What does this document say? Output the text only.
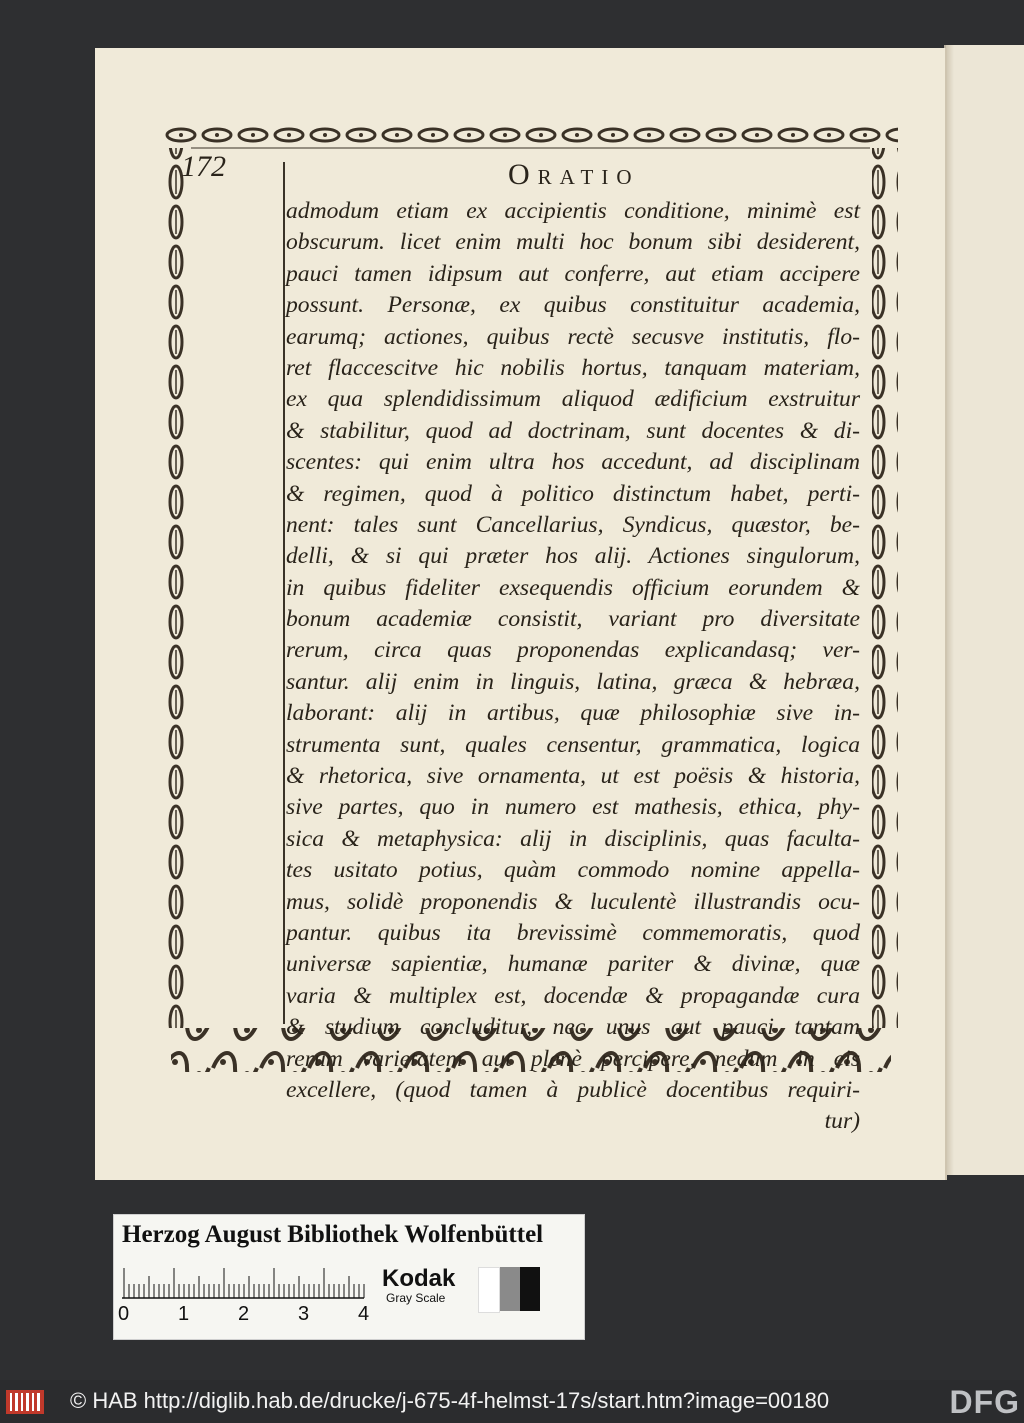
172	Oratio
admodum etiam ex accipientis conditione, minimè est
obscurum. licet enim multi hoc bonum sibi desiderent,
pauci tamen idipsum aut conferre, aut etiam accipere
possunt. Personæ, ex quibus constituitur academia,
earumq; actiones, quibus rectè secusve institutis, flo-
ret flaccescitve hic nobilis hortus, tanquam materiam,
ex qua splendidissimum aliquod ædificium exstruitur
& stabilitur, quod ad doctrinam, sunt docentes & di-
scentes: qui enim ultra hos accedunt, ad disciplinam
& regimen, quod à politico distinctum habet, perti-
nent: tales sunt Cancellarius, Syndicus, quæstor, be-
delli, & si qui præter hos alij. Actiones singulorum,
in quibus fideliter exsequendis officium eorundem &
bonum academiæ consistit, variant pro diversitate
rerum, circa quas proponendas explicandasq; ver-
santur. alij enim in linguis, latina, græca & hebræa,
laborant: alij in artibus, quæ philosophiæ sive in-
strumenta sunt, quales censentur, grammatica, logica
& rhetorica, sive ornamenta, ut est poësis & historia,
sive partes, quo in numero est mathesis, ethica, phy-
sica & metaphysica: alij in disciplinis, quas faculta-
tes usitato potius, quàm commodo nomine appella-
mus, solidè proponendis & luculentè illustrandis ocu-
pantur. quibus ita brevissimè commemoratis, quod
universæ sapientiæ, humanæ pariter & divinæ, quæ
varia & multiplex est, docendæ & propagandæ cura
& studium concluditur, nec unus aut pauci tantam
rerum varietatem aut plenè percipere, nedum in eis
excellere, (quod tamen à publicè docentibus requiri-
tur)
Herzog August Bibliothek Wolfenbüttel
0 1 2 3 4
Kodak
Gray Scale
© HAB http://diglib.hab.de/drucke/j-675-4f-helmst-17s/start.htm?image=00180	DFG
